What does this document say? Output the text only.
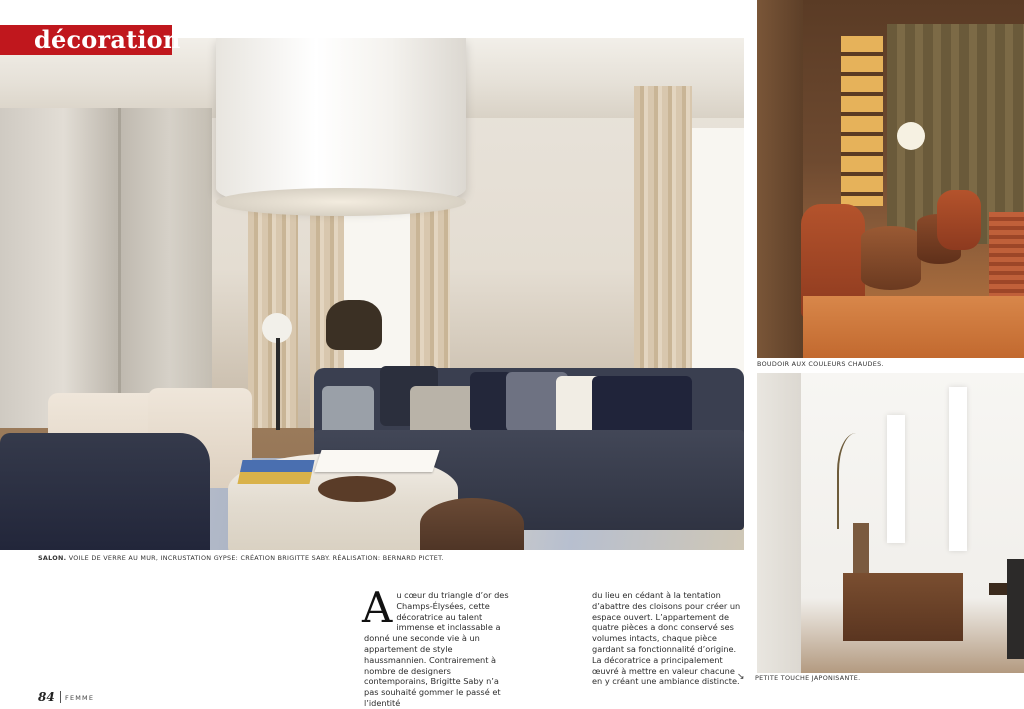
décoration
BOUDOIR AUX COULEURS CHAUDES.
↘ PETITE TOUCHE JAPONISANTE.
SALON. VOILE DE VERRE AU MUR, INCRUSTATION GYPSE: CRÉATION BRIGITTE SABY. RÉALISATION: BERNARD PICTET.
A u cœur du triangle d’or des Champs-Élysées, cette décoratrice au talent immense et inclassable a donné une seconde vie à un appartement de style haussmannien. Contrairement à nombre de designers contemporains, Brigitte Saby n’a pas souhaité gommer le passé et l’identité
du lieu en cédant à la tentation d’abattre des cloisons pour créer un espace ouvert. L’appartement de quatre pièces a donc conservé ses volumes intacts, chaque pièce gardant sa fonctionnalité d’origine. La décoratrice a principalement œuvré à mettre en valeur chacune en y créant une ambiance distincte.
84 FEMME
